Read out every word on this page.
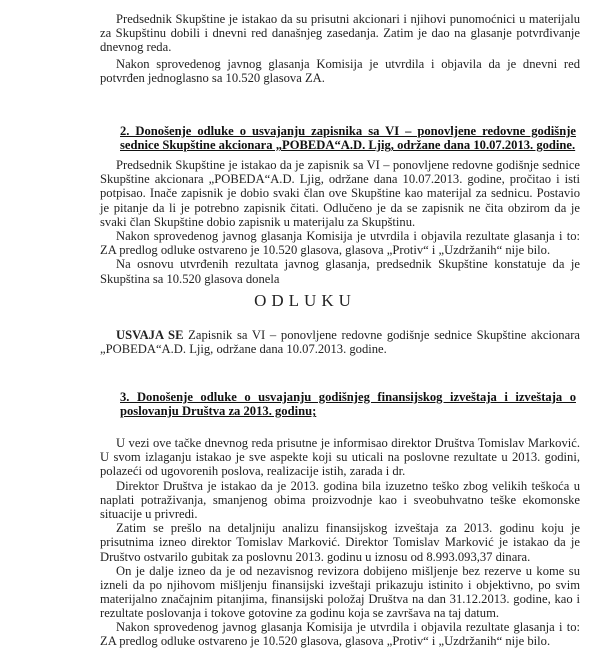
Predsednik Skupštine je istakao da su prisutni akcionari i njihovi punomoćnici u materijalu za Skupštinu dobili i dnevni red današnjeg zasedanja. Zatim je dao na glasanje potvrđivanje dnevnog reda.

Nakon sprovedenog javnog glasanja Komisija je utvrdila i objavila da je dnevni red potvrđen jednoglasno sa 10.520 glasova ZA.

2. Donošenje odluke o usvajanju zapisnika sa VI – ponovljene redovne godišnje sednice Skupštine akcionara „POBEDA“A.D. Ljig, održane dana 10.07.2013. godine.

Predsednik Skupštine je istakao da je zapisnik sa VI – ponovljene redovne godišnje sednice Skupštine akcionara „POBEDA“A.D. Ljig, održane dana 10.07.2013. godine, pročitao i isti potpisao. Inače zapisnik je dobio svaki član ove Skupštine kao materijal za sednicu. Postavio je pitanje da li je potrebno zapisnik čitati. Odlučeno je da se zapisnik ne čita obzirom da je svaki član Skupštine dobio zapisnik u materijalu za Skupštinu.

Nakon sprovedenog javnog glasanja Komisija je utvrdila i objavila rezultate glasanja i to: ZA predlog odluke ostvareno je 10.520 glasova, glasova „Protiv“ i „Uzdržanih“ nije bilo.

Na osnovu utvrđenih rezultata javnog glasanja, predsednik Skupštine konstatuje da je Skupština sa 10.520 glasova donela

ODLUKU

USVAJA SE Zapisnik sa VI – ponovljene redovne godišnje sednice Skupštine akcionara „POBEDA“A.D. Ljig, održane dana 10.07.2013. godine.

3. Donošenje odluke o usvajanju godišnjeg finansijskog izveštaja i izveštaja o poslovanju Društva za 2013. godinu;

U vezi ove tačke dnevnog reda prisutne je informisao direktor Društva Tomislav Marković. U svom izlaganju istakao je sve aspekte koji su uticali na poslovne rezultate u 2013. godini, polazeći od ugovorenih poslova, realizacije istih, zarada i dr.

Direktor Društva je istakao da je 2013. godina bila izuzetno teško zbog velikih teškoća u naplati potraživanja, smanjenog obima proizvodnje kao i sveobuhvatno teške ekomonske situacije u privredi.

Zatim se prešlo na detaljniju analizu finansijskog izveštaja za 2013. godinu koju je prisutnima izneo direktor Tomislav Marković. Direktor Tomislav Marković je istakao da je Društvo ostvarilo gubitak za poslovnu 2013. godinu u iznosu od 8.993.093,37 dinara.

On je dalje izneo da je od nezavisnog revizora dobijeno mišljenje bez rezerve u kome su izneli da po njihovom mišljenju finansijski izveštaji prikazuju istinito i objektivno, po svim materijalno značajnim pitanjima, finansijski položaj Društva na dan 31.12.2013. godine, kao i rezultate poslovanja i tokove gotovine za godinu koja se završava na taj datum.

Nakon sprovedenog javnog glasanja Komisija je utvrdila i objavila rezultate glasanja i to: ZA predlog odluke ostvareno je 10.520 glasova, glasova „Protiv“ i „Uzdržanih“ nije bilo.
